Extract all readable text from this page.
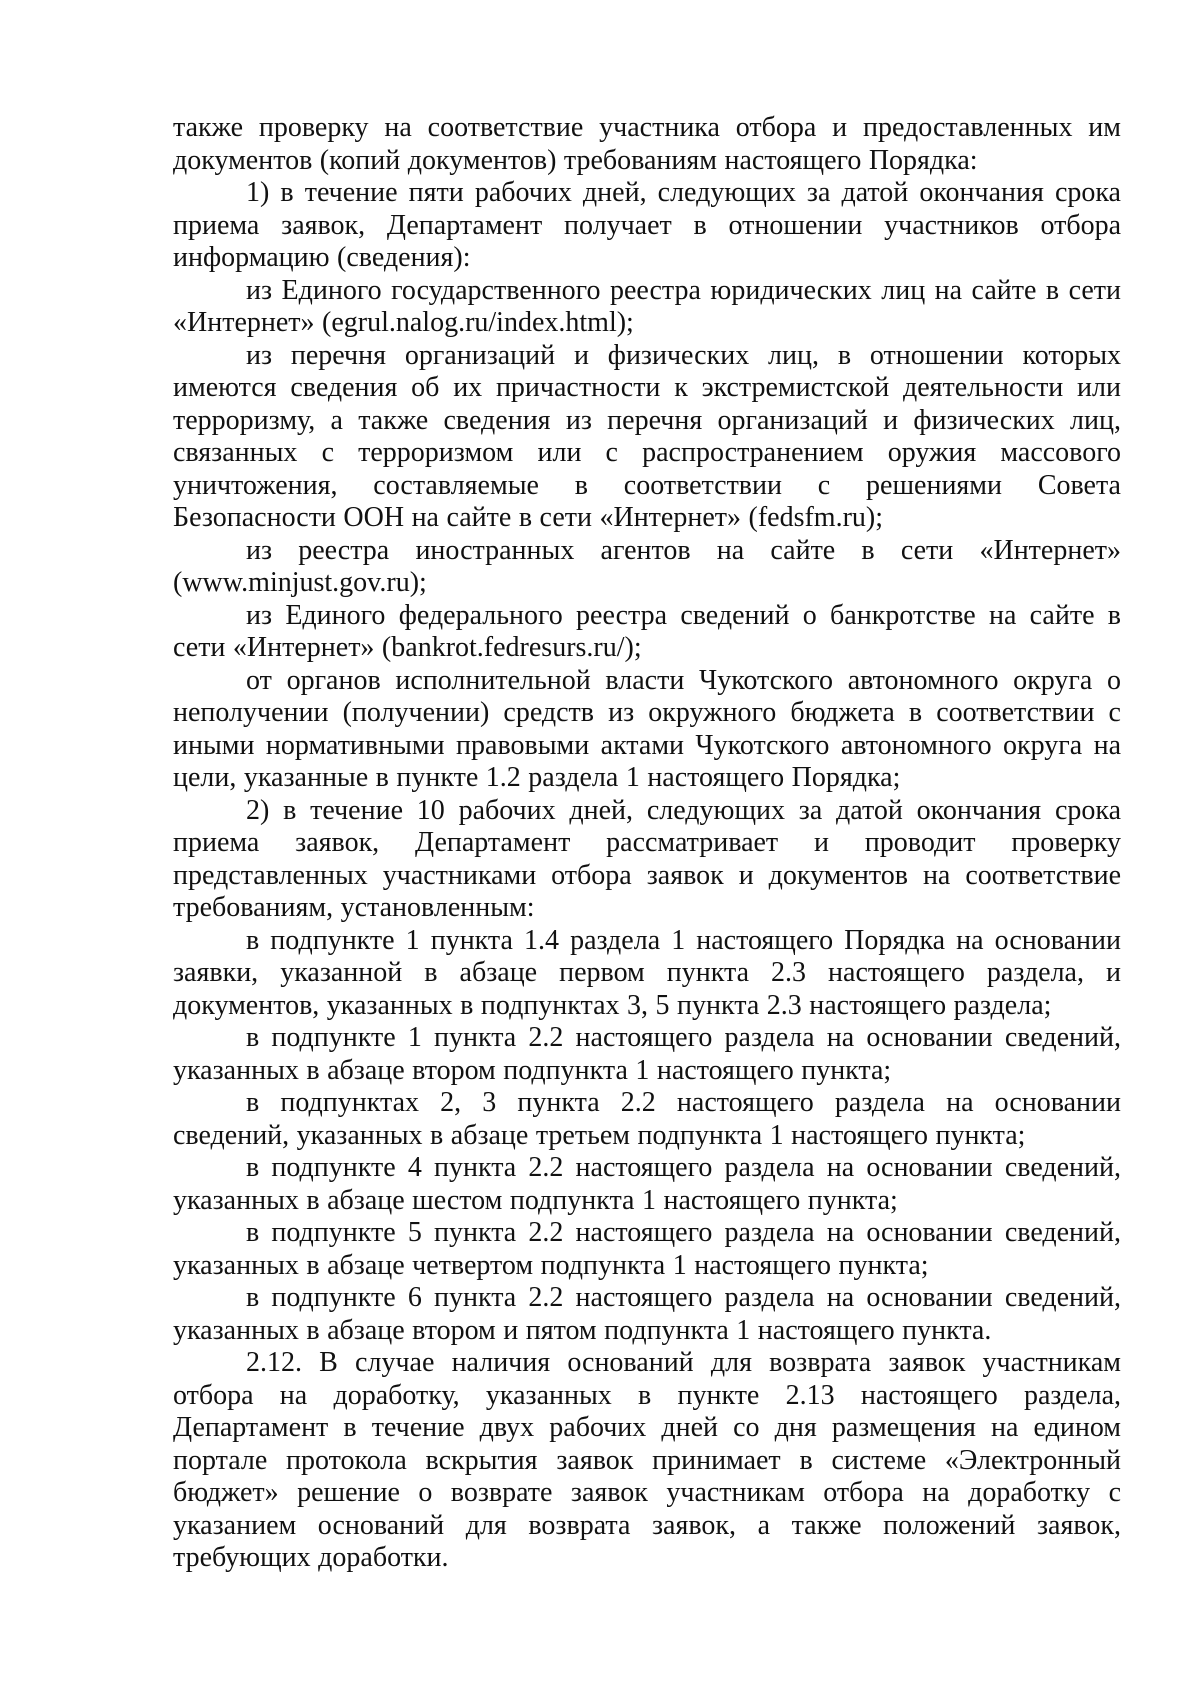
также проверку на соответствие участника отбора и предоставленных им документов (копий документов) требованиям настоящего Порядка:

1) в течение пяти рабочих дней, следующих за датой окончания срока приема заявок, Департамент получает в отношении участников отбора информацию (сведения):

из Единого государственного реестра юридических лиц на сайте в сети «Интернет» (egrul.nalog.ru/index.html);

из перечня организаций и физических лиц, в отношении которых имеются сведения об их причастности к экстремистской деятельности или терроризму, а также сведения из перечня организаций и физических лиц, связанных с терроризмом или с распространением оружия массового уничтожения, составляемые в соответствии с решениями Совета Безопасности ООН на сайте в сети «Интернет» (fedsfm.ru);

из реестра иностранных агентов на сайте в сети «Интернет» (www.minjust.gov.ru);

из Единого федерального реестра сведений о банкротстве на сайте в сети «Интернет» (bankrot.fedresurs.ru/);

от органов исполнительной власти Чукотского автономного округа о неполучении (получении) средств из окружного бюджета в соответствии с иными нормативными правовыми актами Чукотского автономного округа на цели, указанные в пункте 1.2 раздела 1 настоящего Порядка;

2) в течение 10 рабочих дней, следующих за датой окончания срока приема заявок, Департамент рассматривает и проводит проверку представленных участниками отбора заявок и документов на соответствие требованиям, установленным:

в подпункте 1 пункта 1.4 раздела 1 настоящего Порядка на основании заявки, указанной в абзаце первом пункта 2.3 настоящего раздела, и документов, указанных в подпунктах 3, 5 пункта 2.3 настоящего раздела;

в подпункте 1 пункта 2.2 настоящего раздела на основании сведений, указанных в абзаце втором подпункта 1 настоящего пункта;

в подпунктах 2, 3 пункта 2.2 настоящего раздела на основании сведений, указанных в абзаце третьем подпункта 1 настоящего пункта;

в подпункте 4 пункта 2.2 настоящего раздела на основании сведений, указанных в абзаце шестом подпункта 1 настоящего пункта;

в подпункте 5 пункта 2.2 настоящего раздела на основании сведений, указанных в абзаце четвертом подпункта 1 настоящего пункта;

в подпункте 6 пункта 2.2 настоящего раздела на основании сведений, указанных в абзаце втором и пятом подпункта 1 настоящего пункта.

2.12. В случае наличия оснований для возврата заявок участникам отбора на доработку, указанных в пункте 2.13 настоящего раздела, Департамент в течение двух рабочих дней со дня размещения на едином портале протокола вскрытия заявок принимает в системе «Электронный бюджет» решение о возврате заявок участникам отбора на доработку с указанием оснований для возврата заявок, а также положений заявок, требующих доработки.
